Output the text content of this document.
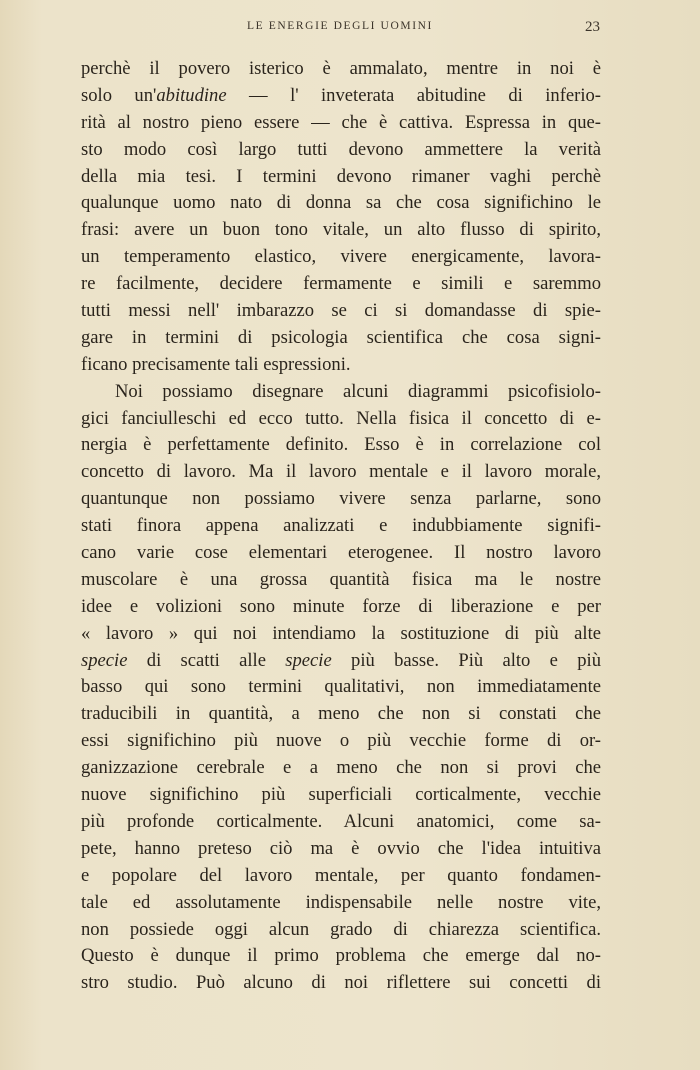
LE ENERGIE DEGLI UOMINI	23
perchè il povero isterico è ammalato, mentre in noi è
solo un'abitudine — l' inveterata abitudine di inferio-
rità al nostro pieno essere — che è cattiva. Espressa in que-
sto modo così largo tutti devono ammettere la verità
della mia tesi. I termini devono rimaner vaghi perchè
qualunque uomo nato di donna sa che cosa significhino le
frasi: avere un buon tono vitale, un alto flusso di spirito,
un temperamento elastico, vivere energicamente, lavora-
re facilmente, decidere fermamente e simili e saremmo
tutti messi nell' imbarazzo se ci si domandasse di spie-
gare in termini di psicologia scientifica che cosa signi-
ficano precisamente tali espressioni.
Noi possiamo disegnare alcuni diagrammi psicofisiolo-
gici fanciulleschi ed ecco tutto. Nella fisica il concetto di e-
nergia è perfettamente definito. Esso è in correlazione col
concetto di lavoro. Ma il lavoro mentale e il lavoro morale,
quantunque non possiamo vivere senza parlarne, sono
stati finora appena analizzati e indubbiamente signifi-
cano varie cose elementari eterogenee. Il nostro lavoro
muscolare è una grossa quantità fisica ma le nostre
idee e volizioni sono minute forze di liberazione e per
« lavoro » qui noi intendiamo la sostituzione di più alte
specie di scatti alle specie più basse. Più alto e più
basso qui sono termini qualitativi, non immediatamente
traducibili in quantità, a meno che non si constati che
essi significhino più nuove o più vecchie forme di or-
ganizzazione cerebrale e a meno che non si provi che
nuove significhino più superficiali corticalmente, vecchie
più profonde corticalmente. Alcuni anatomici, come sa-
pete, hanno preteso ciò ma è ovvio che l'idea intuitiva
e popolare del lavoro mentale, per quanto fondamen-
tale ed assolutamente indispensabile nelle nostre vite,
non possiede oggi alcun grado di chiarezza scientifica.
Questo è dunque il primo problema che emerge dal no-
stro studio. Può alcuno di noi riflettere sui concetti di
